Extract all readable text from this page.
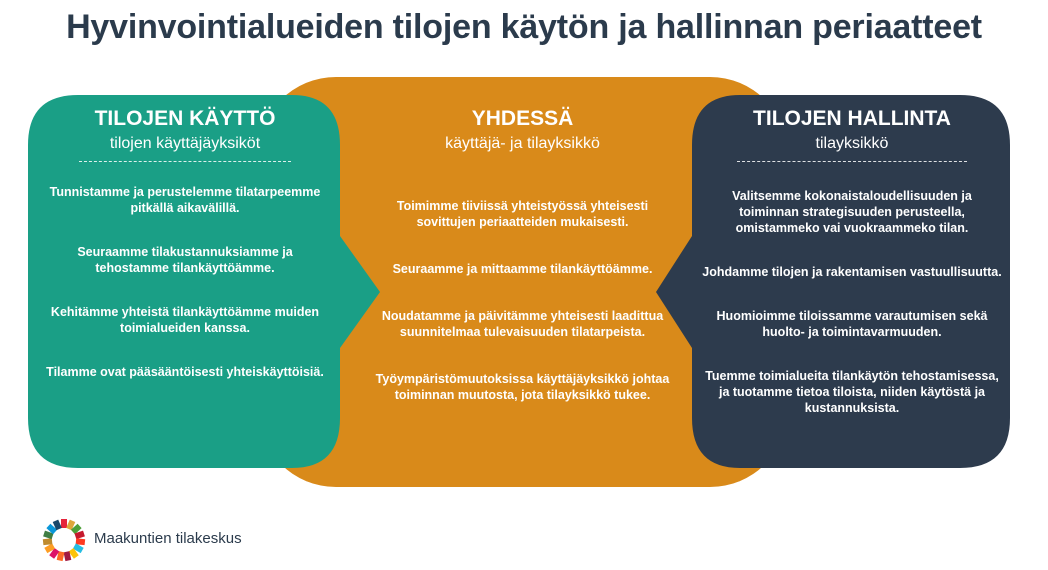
Hyvinvointialueiden tilojen käytön ja hallinnan periaatteet
TILOJEN KÄYTTÖ
tilojen käyttäjäyksiköt

Tunnistamme ja perustelemme tilatarpeemme pitkällä aikavälillä.

Seuraamme tilakustannuksiamme ja tehostamme tilankäyttöämme.

Kehitämme yhteistä tilankäyttöämme muiden toimialueiden kanssa.

Tilamme ovat pääsääntöisesti yhteiskäyttöisiä.

YHDESSÄ
käyttäjä- ja tilayksikkö

Toimimme tiiviissä yhteistyössä yhteisesti sovittujen periaatteiden mukaisesti.

Seuraamme ja mittaamme tilankäyttöämme.

Noudatamme ja päivitämme yhteisesti laadittua suunnitelmaa tulevaisuuden tilatarpeista.

Työympäristömuutoksissa käyttäjäyksikkö johtaa toiminnan muutosta, jota tilayksikkö tukee.

TILOJEN HALLINTA
tilayksikkö

Valitsemme kokonaistaloudellisuuden ja toiminnan strategisuuden perusteella, omistammeko vai vuokraammeko tilan.

Johdamme tilojen ja rakentamisen vastuullisuutta.

Huomioimme tiloissamme varautumisen sekä huolto- ja toimintavarmuuden.

Tuemme toimialueita tilankäytön tehostamisessa, ja tuotamme tietoa tiloista, niiden käytöstä ja kustannuksista.

Maakuntien tilakeskus
